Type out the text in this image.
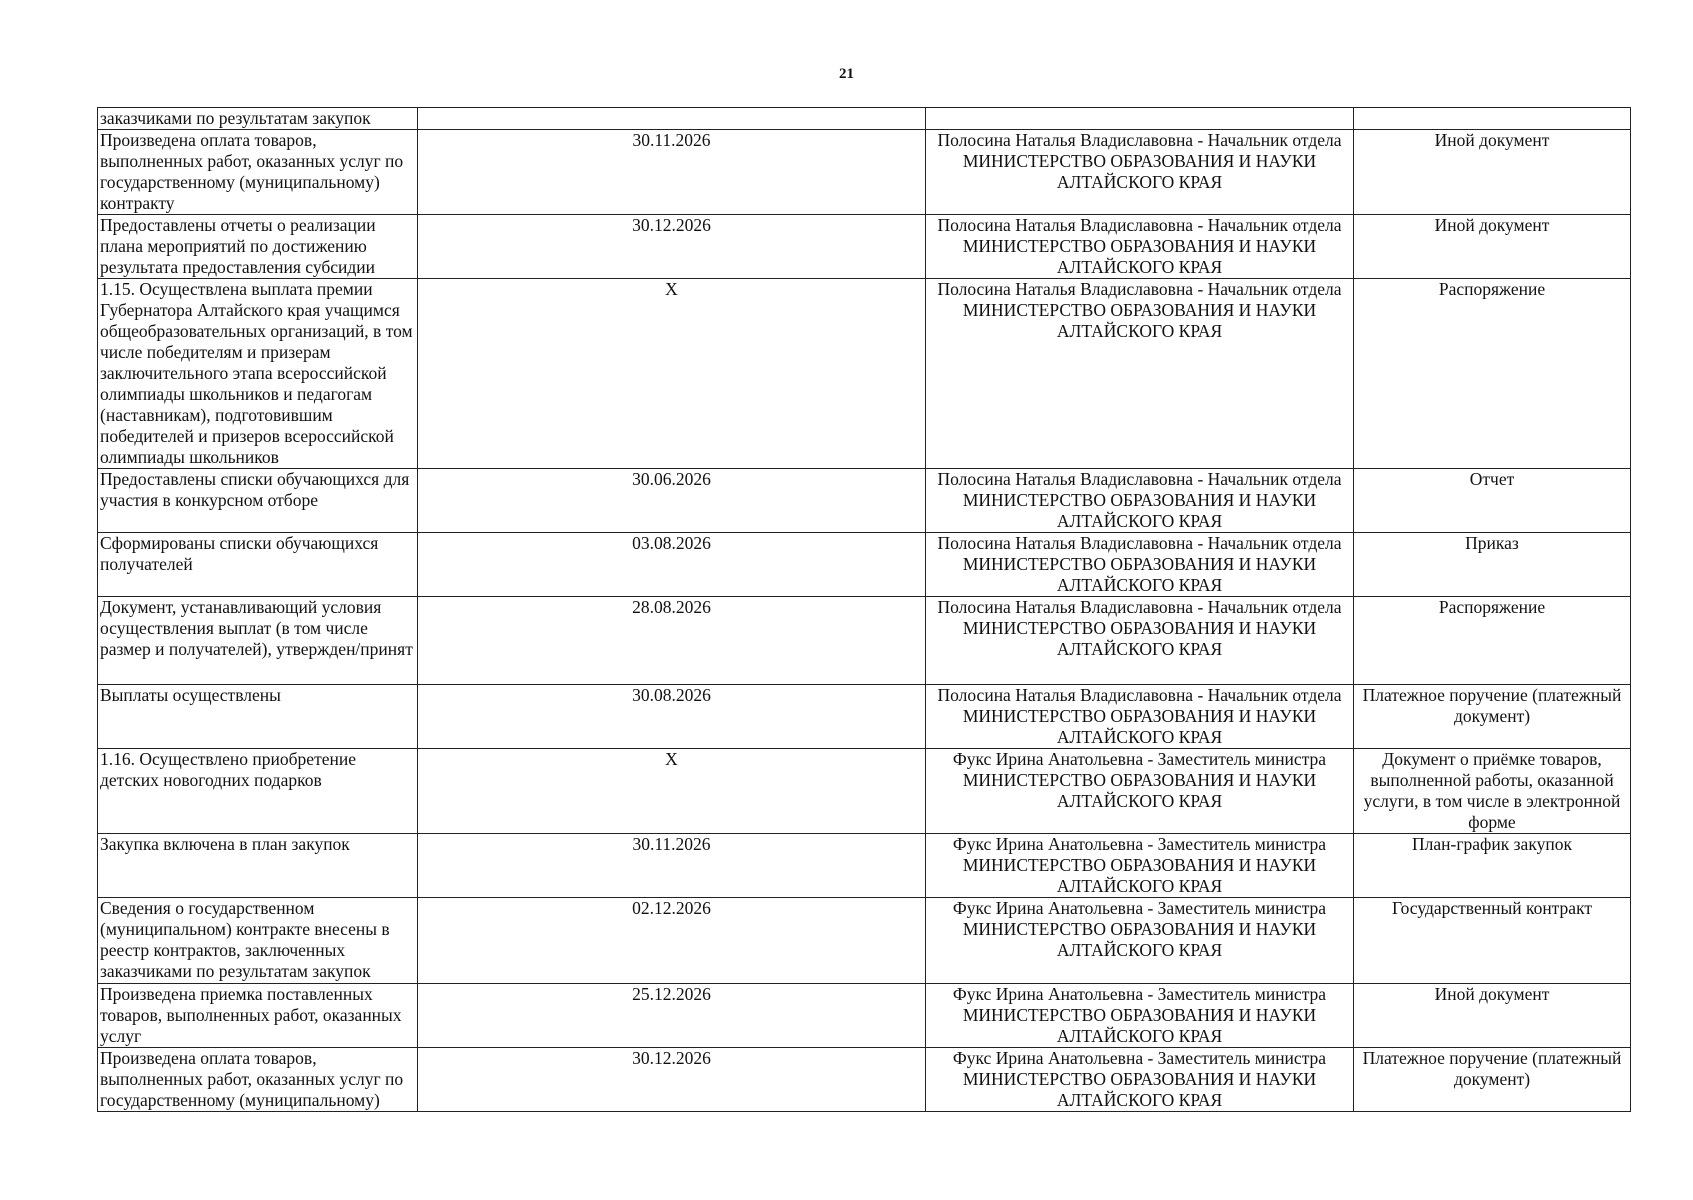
21
заказчиками по результатам закупок		

Произведена оплата товаров, выполненных работ, оказанных услуг по государственному (муниципальному) контракту	30.11.2026	Полосина Наталья Владиславовна - Начальник отдела
МИНИСТЕРСТВО ОБРАЗОВАНИЯ И НАУКИ АЛТАЙСКОГО КРАЯ	Иной документ
Предоставлены отчеты о реализации плана мероприятий по достижению результата предоставления субсидии	30.12.2026	Полосина Наталья Владиславовна - Начальник отдела
МИНИСТЕРСТВО ОБРАЗОВАНИЯ И НАУКИ АЛТАЙСКОГО КРАЯ	Иной документ
1.15. Осуществлена выплата премии Губернатора Алтайского края учащимся общеобразовательных организаций, в том числе победителям и призерам заключительного этапа всероссийской олимпиады школьников и педагогам (наставникам), подготовившим победителей и призеров всероссийской олимпиады школьников	X	Полосина Наталья Владиславовна - Начальник отдела
МИНИСТЕРСТВО ОБРАЗОВАНИЯ И НАУКИ АЛТАЙСКОГО КРАЯ	Распоряжение
Предоставлены списки обучающихся для участия в конкурсном отборе	30.06.2026	Полосина Наталья Владиславовна - Начальник отдела
МИНИСТЕРСТВО ОБРАЗОВАНИЯ И НАУКИ АЛТАЙСКОГО КРАЯ	Отчет
Сформированы списки обучающихся получателей	03.08.2026	Полосина Наталья Владиславовна - Начальник отдела
МИНИСТЕРСТВО ОБРАЗОВАНИЯ И НАУКИ АЛТАЙСКОГО КРАЯ	Приказ
Документ, устанавливающий условия осуществления выплат (в том числе размер и получателей), утвержден/принят	28.08.2026	Полосина Наталья Владиславовна - Начальник отдела
МИНИСТЕРСТВО ОБРАЗОВАНИЯ И НАУКИ АЛТАЙСКОГО КРАЯ	Распоряжение
Выплаты осуществлены	30.08.2026	Полосина Наталья Владиславовна - Начальник отдела
МИНИСТЕРСТВО ОБРАЗОВАНИЯ И НАУКИ АЛТАЙСКОГО КРАЯ	Платежное поручение (платежный документ)
1.16. Осуществлено приобретение детских новогодних подарков	X	Фукс Ирина Анатольевна - Заместитель министра
МИНИСТЕРСТВО ОБРАЗОВАНИЯ И НАУКИ АЛТАЙСКОГО КРАЯ	Документ о приёмке товаров, выполненной работы, оказанной услуги, в том числе в электронной форме
Закупка включена в план закупок	30.11.2026	Фукс Ирина Анатольевна - Заместитель министра
МИНИСТЕРСТВО ОБРАЗОВАНИЯ И НАУКИ АЛТАЙСКОГО КРАЯ	План-график закупок
Сведения о государственном (муниципальном) контракте внесены в реестр контрактов, заключенных заказчиками по результатам закупок	02.12.2026	Фукс Ирина Анатольевна - Заместитель министра
МИНИСТЕРСТВО ОБРАЗОВАНИЯ И НАУКИ АЛТАЙСКОГО КРАЯ	Государственный контракт
Произведена приемка поставленных товаров, выполненных работ, оказанных услуг	25.12.2026	Фукс Ирина Анатольевна - Заместитель министра
МИНИСТЕРСТВО ОБРАЗОВАНИЯ И НАУКИ АЛТАЙСКОГО КРАЯ	Иной документ
Произведена оплата товаров, выполненных работ, оказанных услуг по государственному (муниципальному)	30.12.2026	Фукс Ирина Анатольевна - Заместитель министра
МИНИСТЕРСТВО ОБРАЗОВАНИЯ И НАУКИ АЛТАЙСКОГО КРАЯ	Платежное поручение (платежный документ)
